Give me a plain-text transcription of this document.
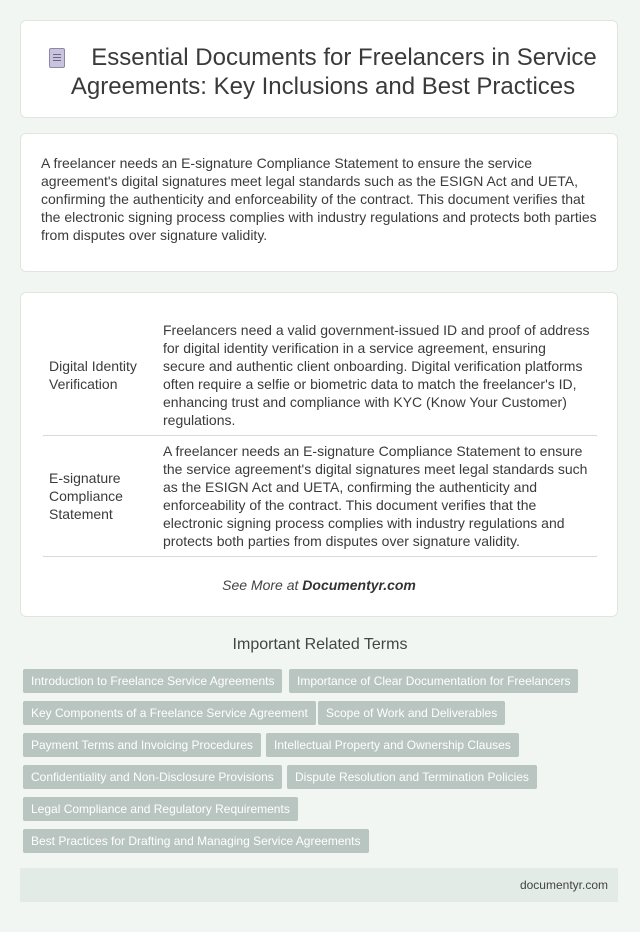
Essential Documents for Freelancers in Service Agreements: Key Inclusions and Best Practices

A freelancer needs an E-signature Compliance Statement to ensure the service agreement's digital signatures meet legal standards such as the ESIGN Act and UETA, confirming the authenticity and enforceability of the contract. This document verifies that the electronic signing process complies with industry regulations and protects both parties from disputes over signature validity.

Digital Identity Verification	Freelancers need a valid government-issued ID and proof of address for digital identity verification in a service agreement, ensuring secure and authentic client onboarding. Digital verification platforms often require a selfie or biometric data to match the freelancer's ID, enhancing trust and compliance with KYC (Know Your Customer) regulations.
E-signature Compliance Statement	A freelancer needs an E-signature Compliance Statement to ensure the service agreement's digital signatures meet legal standards such as the ESIGN Act and UETA, confirming the authenticity and enforceability of the contract. This document verifies that the electronic signing process complies with industry regulations and protects both parties from disputes over signature validity.
See More at Documentyr.com
Important Related Terms
Introduction to Freelance Service Agreements	Importance of Clear Documentation for Freelancers
Key Components of a Freelance Service Agreement	Scope of Work and Deliverables
Payment Terms and Invoicing Procedures	Intellectual Property and Ownership Clauses
Confidentiality and Non-Disclosure Provisions	Dispute Resolution and Termination Policies
Legal Compliance and Regulatory Requirements
Best Practices for Drafting and Managing Service Agreements
documentyr.com
